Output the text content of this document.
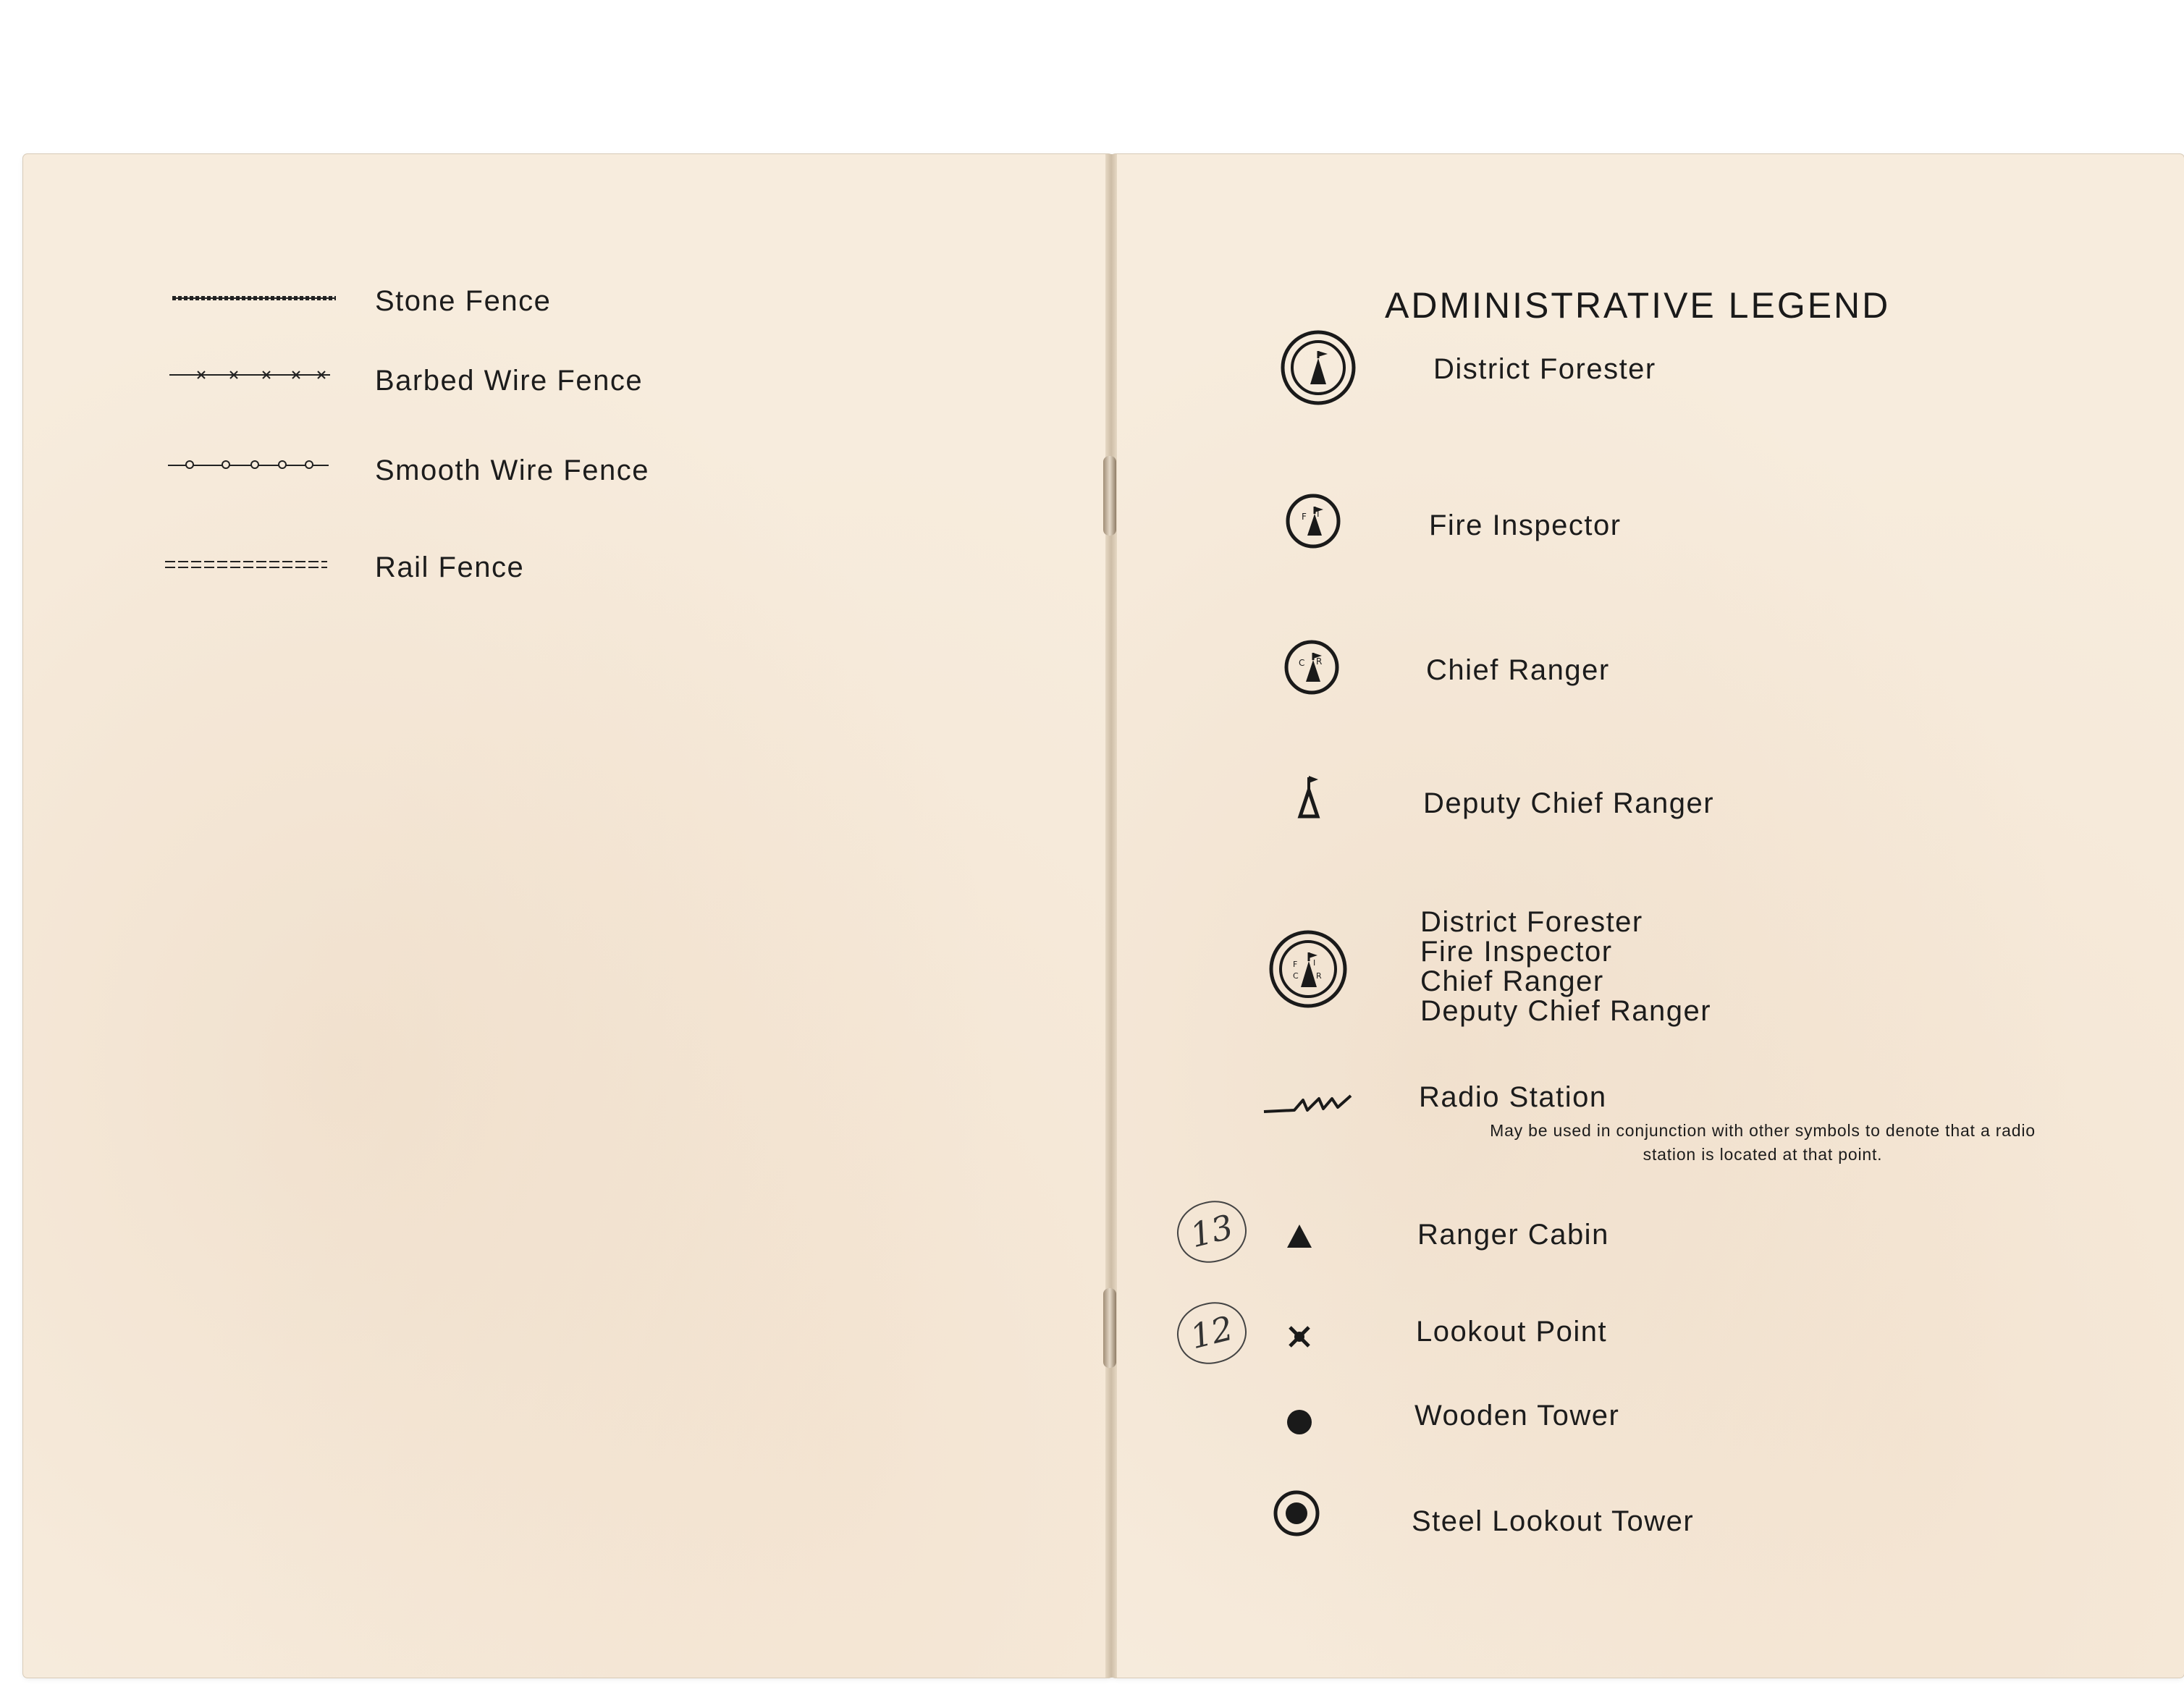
Stone Fence
Barbed Wire Fence
Smooth Wire Fence
Rail Fence
ADMINISTRATIVE LEGEND
District Forester
F I	Fire Inspector
C R	Chief Ranger
Deputy Chief Ranger
F I
C R
District Forester
Fire Inspector
Chief Ranger
Deputy Chief Ranger
Radio Station
May be used in conjunction with other symbols to denote that a radio
station is located at that point.
13	Ranger Cabin
12	Lookout Point
Wooden Tower
Steel Lookout Tower
